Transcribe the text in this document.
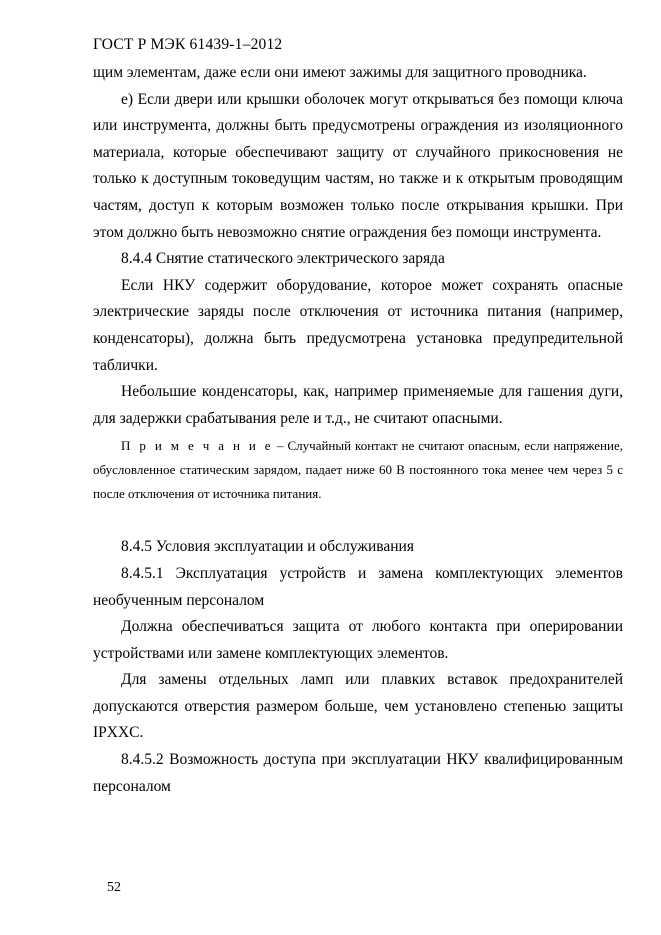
ГОСТ Р МЭК 61439-1–2012

щим элементам, даже если они имеют зажимы для защитного проводника.

е) Если двери или крышки оболочек могут открываться без помощи ключа или инструмента, должны быть предусмотрены ограждения из изоляционного материала, которые обеспечивают защиту от случайного прикосновения не только к доступным токоведущим частям, но также и к открытым проводящим частям, доступ к которым возможен только после открывания крышки. При этом должно быть невозможно снятие ограждения без помощи инструмента.

8.4.4 Снятие статического электрического заряда

Если НКУ содержит оборудование, которое может сохранять опасные электрические заряды после отключения от источника питания (например, конденсаторы), должна быть предусмотрена установка предупредительной таблички.

Небольшие конденсаторы, как, например применяемые для гашения дуги, для задержки срабатывания реле и т.д., не считают опасными.

П р и м е ч а н и е – Случайный контакт не считают опасным, если напряжение, обусловленное статическим зарядом, падает ниже 60 В постоянного тока менее чем через 5 с после отключения от источника питания.

8.4.5 Условия эксплуатации и обслуживания

8.4.5.1 Эксплуатация устройств и замена комплектующих элементов необученным персоналом

Должна обеспечиваться защита от любого контакта при оперировании устройствами или замене комплектующих элементов.

Для замены отдельных ламп или плавких вставок предохранителей допускаются отверстия размером больше, чем установлено степенью защиты IPXXC.

8.4.5.2 Возможность доступа при эксплуатации НКУ квалифицированным персоналом

52
